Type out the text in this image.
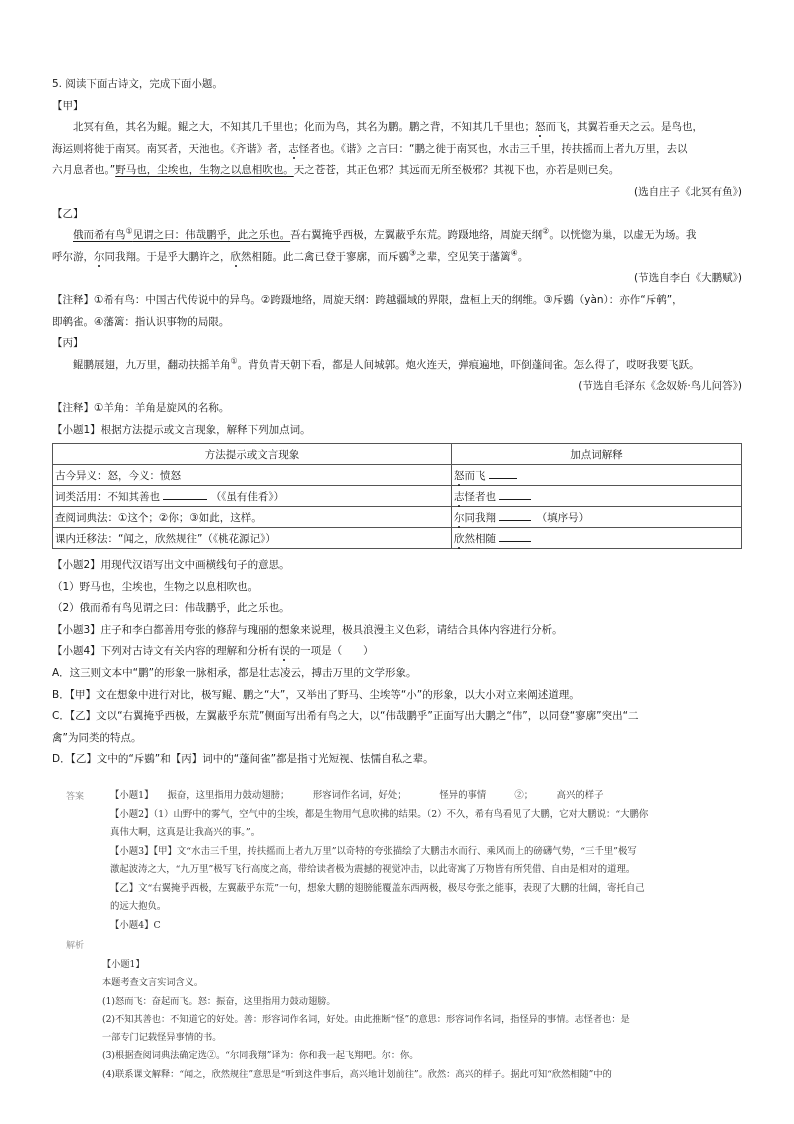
5. 阅读下面古诗文，完成下面小题。
【甲】
北冥有鱼，其名为鲲。鲲之大，不知其几千里也；化而为鸟，其名为鹏。鹏之背，不知其几千里也；怒而飞，其翼若垂天之云。是鸟也，
海运则将徙于南冥。南冥者，天池也。《齐谐》者，志怪者也。《谐》之言曰：“鹏之徙于南冥也，水击三千里，抟扶摇而上者九万里，去以
六月息者也。”野马也，尘埃也，生物之以息相吹也。天之苍苍，其正色邪？其远而无所至极邪？其视下也，亦若是则已矣。
(选自庄子《北冥有鱼》)
【乙】
俄而希有鸟①见谓之曰：伟哉鹏乎，此之乐也。吾右翼掩乎西极，左翼蔽乎东荒。跨蹑地络，周旋天纲②。以恍惚为巢，以虚无为场。我
呼尔游，尔同我翔。于是乎大鹏许之，欣然相随。此二禽已登于寥廓，而斥鷃③之辈，空见笑于藩篱④。
(节选自李白《大鹏赋》)
【注释】①希有鸟：中国古代传说中的异鸟。②跨蹑地络，周旋天纲：跨越疆域的界限，盘桓上天的纲维。③斥鷃（yàn）：亦作“斥鹌”，
即鹌雀。④藩篱：指认识事物的局限。
【丙】
鲲鹏展翅，九万里，翻动扶摇羊角①。背负青天朝下看，都是人间城郭。炮火连天，弹痕遍地，吓倒蓬间雀。怎么得了，哎呀我要飞跃。
(节选自毛泽东《念奴娇·鸟儿问答》)
【注释】①羊角：羊角是旋风的名称。
【小题1】根据方法提示或文言现象，解释下列加点词。
方法提示或文言现象	加点词解释
古今异义：怒，今义：愤怒	怒而飞
词类活用：不知其善也 （《虽有佳肴》）	志怪者也
查阅词典法：①这个；②你；③如此，这样。	尔同我翔 　 （填序号）
课内迁移法：“闻之，欣然规往”（《桃花源记》）	欣然相随
【小题2】用现代汉语写出文中画横线句子的意思。
（1）野马也，尘埃也，生物之以息相吹也。
（2）俄而希有鸟见谓之曰：伟哉鹏乎，此之乐也。
【小题3】庄子和李白都善用夸张的修辞与瑰丽的想象来说理，极具浪漫主义色彩，请结合具体内容进行分析。
【小题4】下列对古诗文有关内容的理解和分析有误的一项是（　　）
A．这三则文本中“鹏”的形象一脉相承，都是壮志凌云，搏击万里的文学形象。
B．【甲】文在想象中进行对比，极写鲲、鹏之“大”，又举出了野马、尘埃等“小”的形象，以大小对立来阐述道理。
C．【乙】文以“右翼掩乎西极，左翼蔽乎东荒”侧面写出希有鸟之大，以“伟哉鹏乎”正面写出大鹏之“伟”，以同登“寥廓”突出“二
禽”为同类的特点。
D．【乙】文中的“斥鷃”和【丙】词中的“蓬间雀”都是指寸光短视、怯懦自私之辈。
答案	【小题1】　　振奋，这里指用力鼓动翅膀；　　　形容词作名词，好处；　　　　怪异的事情　　　②；　　　高兴的样子
【小题2】（1）山野中的雾气，空气中的尘埃，都是生物用气息吹拂的结果。（2）不久，希有鸟看见了大鹏，它对大鹏说：“大鹏你
真伟大啊，这真是让我高兴的事。”。
【小题3】【甲】文“水击三千里，抟扶摇而上者九万里”以奇特的夸张描绘了大鹏击水而行、乘风而上的磅礴气势，“三千里”极写
激起波涛之大，“九万里”极写飞行高度之高，带给读者极为震撼的视觉冲击，以此寄寓了万物皆有所凭借、自由是相对的道理。
【乙】文“右翼掩乎西极，左翼蔽乎东荒”一句，想象大鹏的翅膀能覆盖东西两极，极尽夸张之能事，表现了大鹏的壮阔，寄托自己
的远大抱负。
【小题4】C
解析
【小题1】
本题考查文言实词含义。
(1)怒而飞：奋起而飞。怒：振奋，这里指用力鼓动翅膀。
(2)不知其善也：不知道它的好处。善：形容词作名词，好处。由此推断“怪”的意思：形容词作名词，指怪异的事情。志怪者也：是
一部专门记载怪异事情的书。
(3)根据查阅词典法确定选②。“尔同我翔”译为：你和我一起飞翔吧。尔：你。
(4)联系课文解释：“闻之，欣然规往”意思是“听到这件事后，高兴地计划前往”。欣然：高兴的样子。据此可知“欣然相随”中的
